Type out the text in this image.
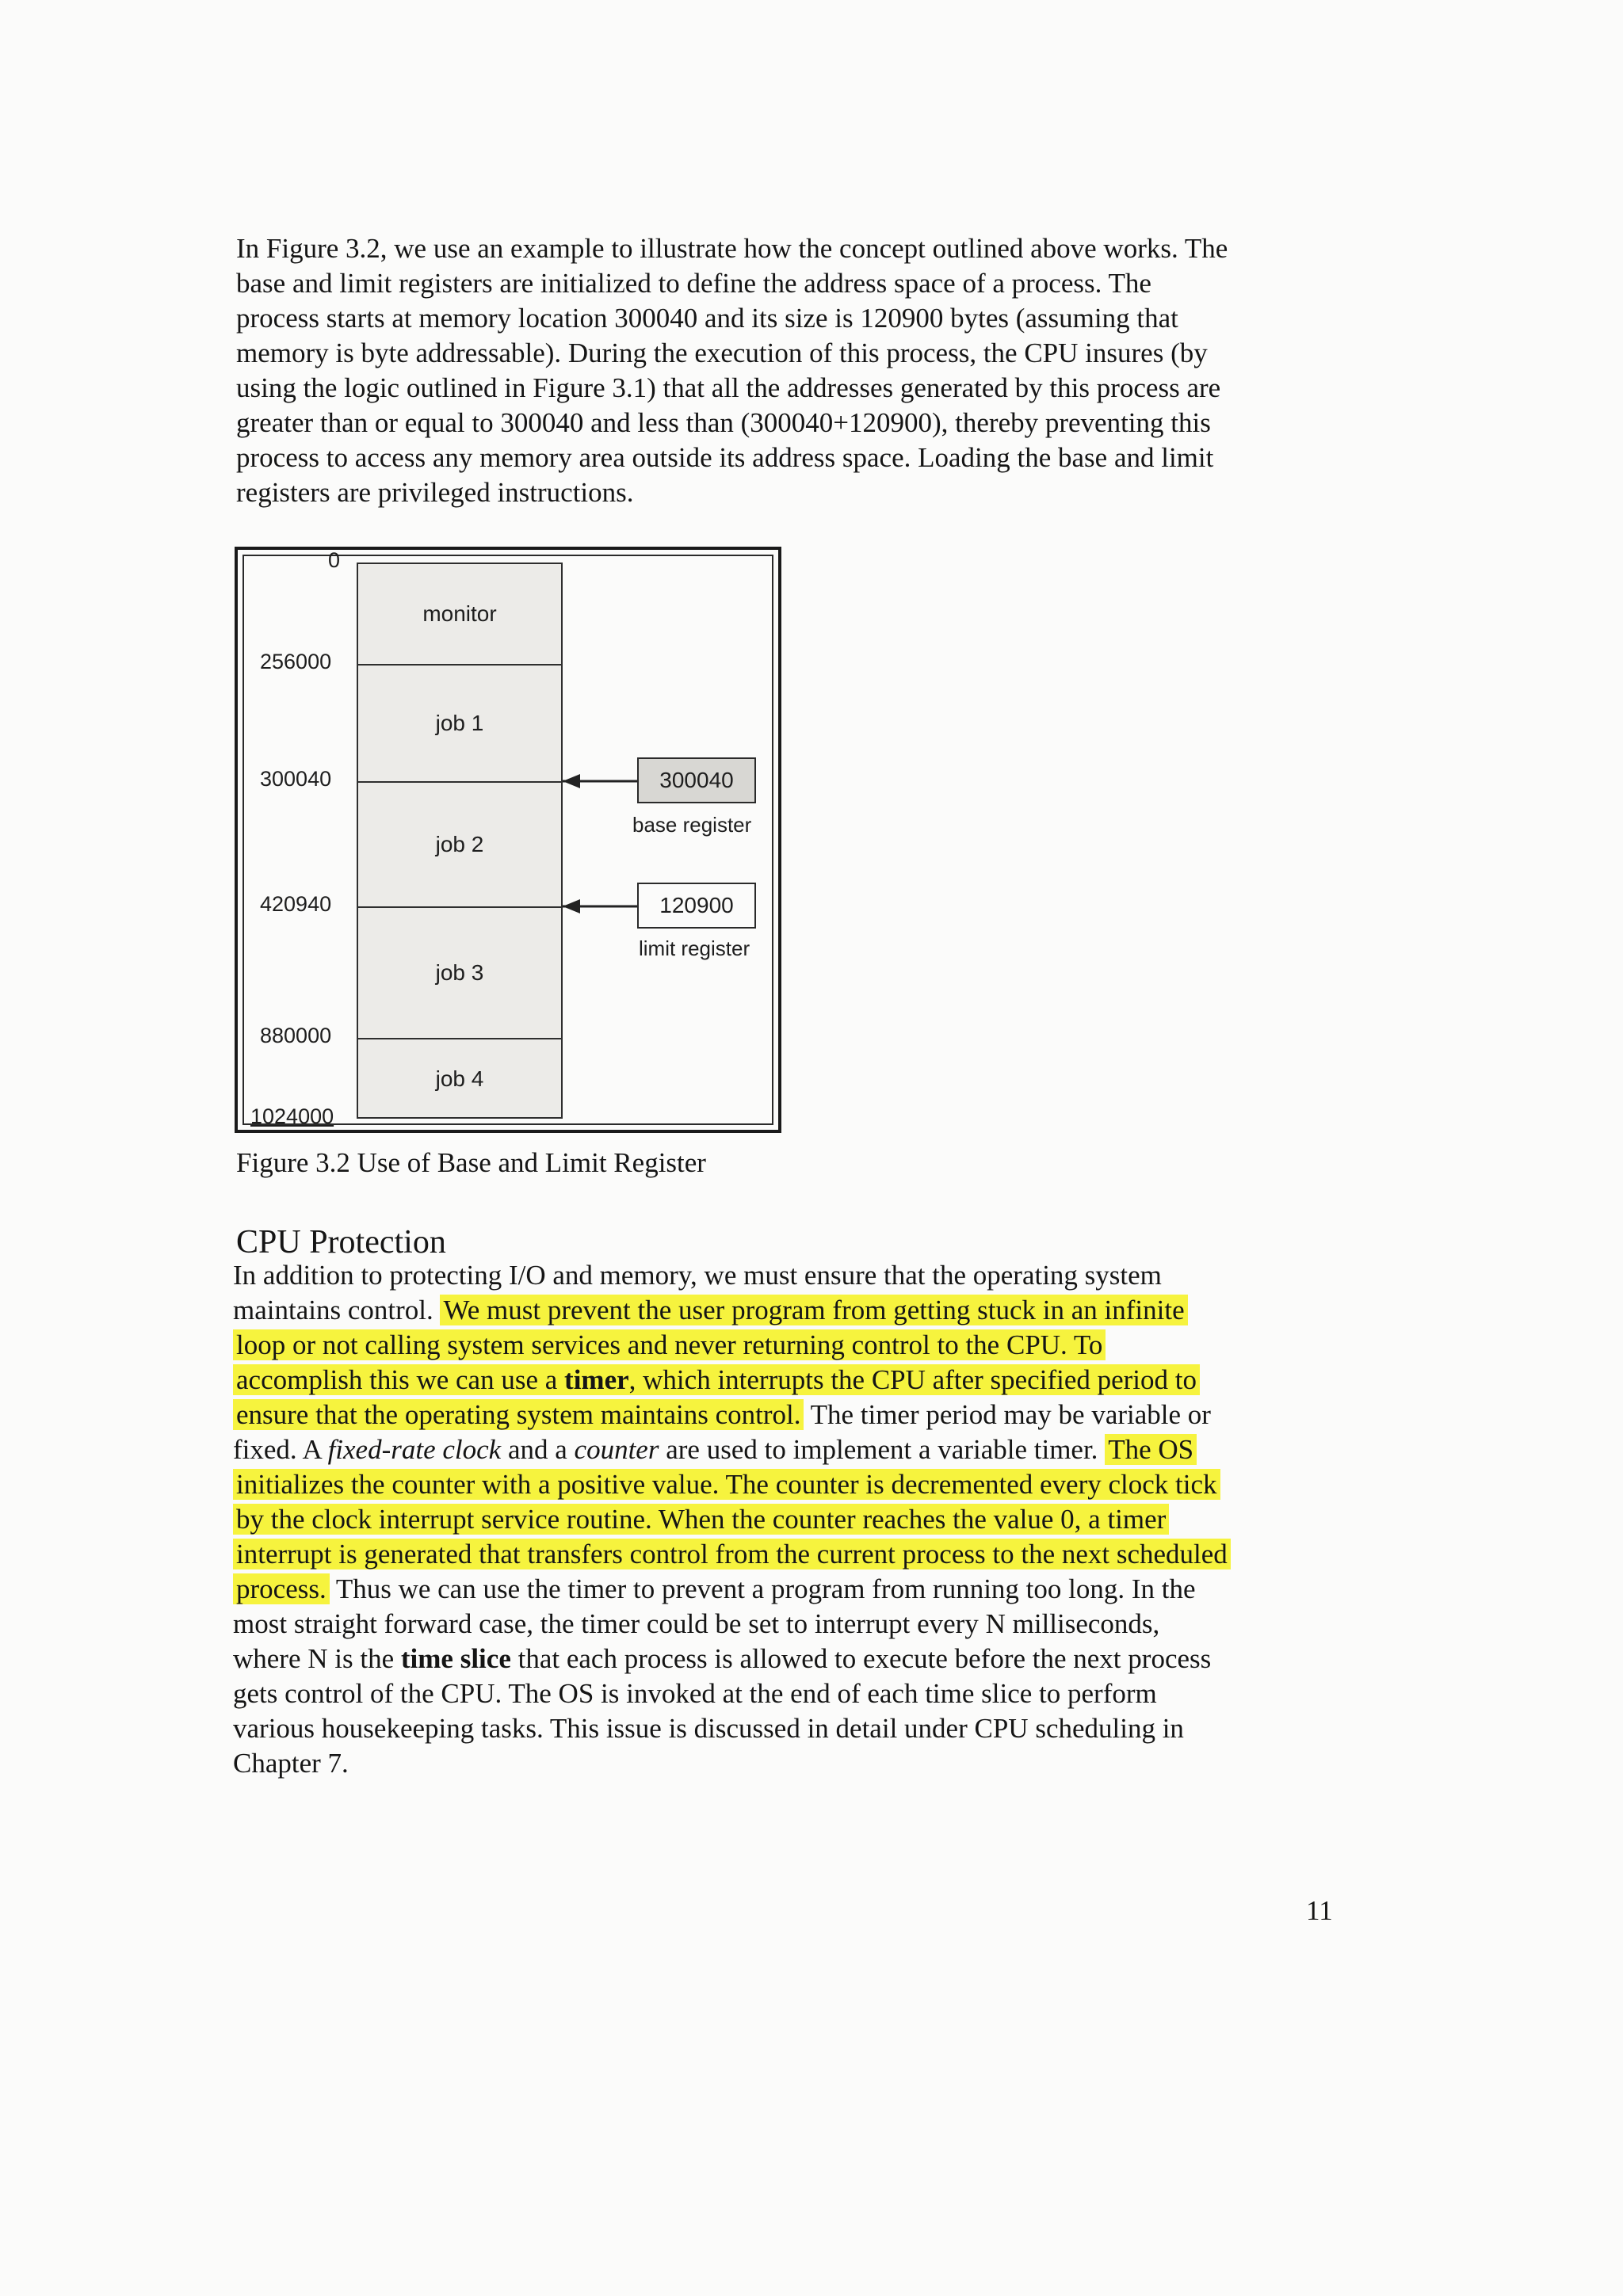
In Figure 3.2, we use an example to illustrate how the concept outlined above works. The
base and limit registers are initialized to define the address space of a process. The
process starts at memory location 300040 and its size is 120900 bytes (assuming that
memory is byte addressable). During the execution of this process, the CPU insures (by
using the logic outlined in Figure 3.1) that all the addresses generated by this process are
greater than or equal to 300040 and less than (300040+120900), thereby preventing this
process to access any memory area outside its address space. Loading the base and limit
registers are privileged instructions.
monitor
job 1
job 2
job 3
job 4
0
256000
300040
420940
880000
1024000
300040
base register
120900
limit register
Figure 3.2 Use of Base and Limit Register
CPU Protection
In addition to protecting I/O and memory, we must ensure that the operating system
maintains control. We must prevent the user program from getting stuck in an infinite
loop or not calling system services and never returning control to the CPU. To
accomplish this we can use a timer, which interrupts the CPU after specified period to
ensure that the operating system maintains control. The timer period may be variable or
fixed. A fixed-rate clock and a counter are used to implement a variable timer. The OS
initializes the counter with a positive value. The counter is decremented every clock tick
by the clock interrupt service routine. When the counter reaches the value 0, a timer
interrupt is generated that transfers control from the current process to the next scheduled
process. Thus we can use the timer to prevent a program from running too long. In the
most straight forward case, the timer could be set to interrupt every N milliseconds,
where N is the time slice that each process is allowed to execute before the next process
gets control of the CPU. The OS is invoked at the end of each time slice to perform
various housekeeping tasks. This issue is discussed in detail under CPU scheduling in
Chapter 7.
11
